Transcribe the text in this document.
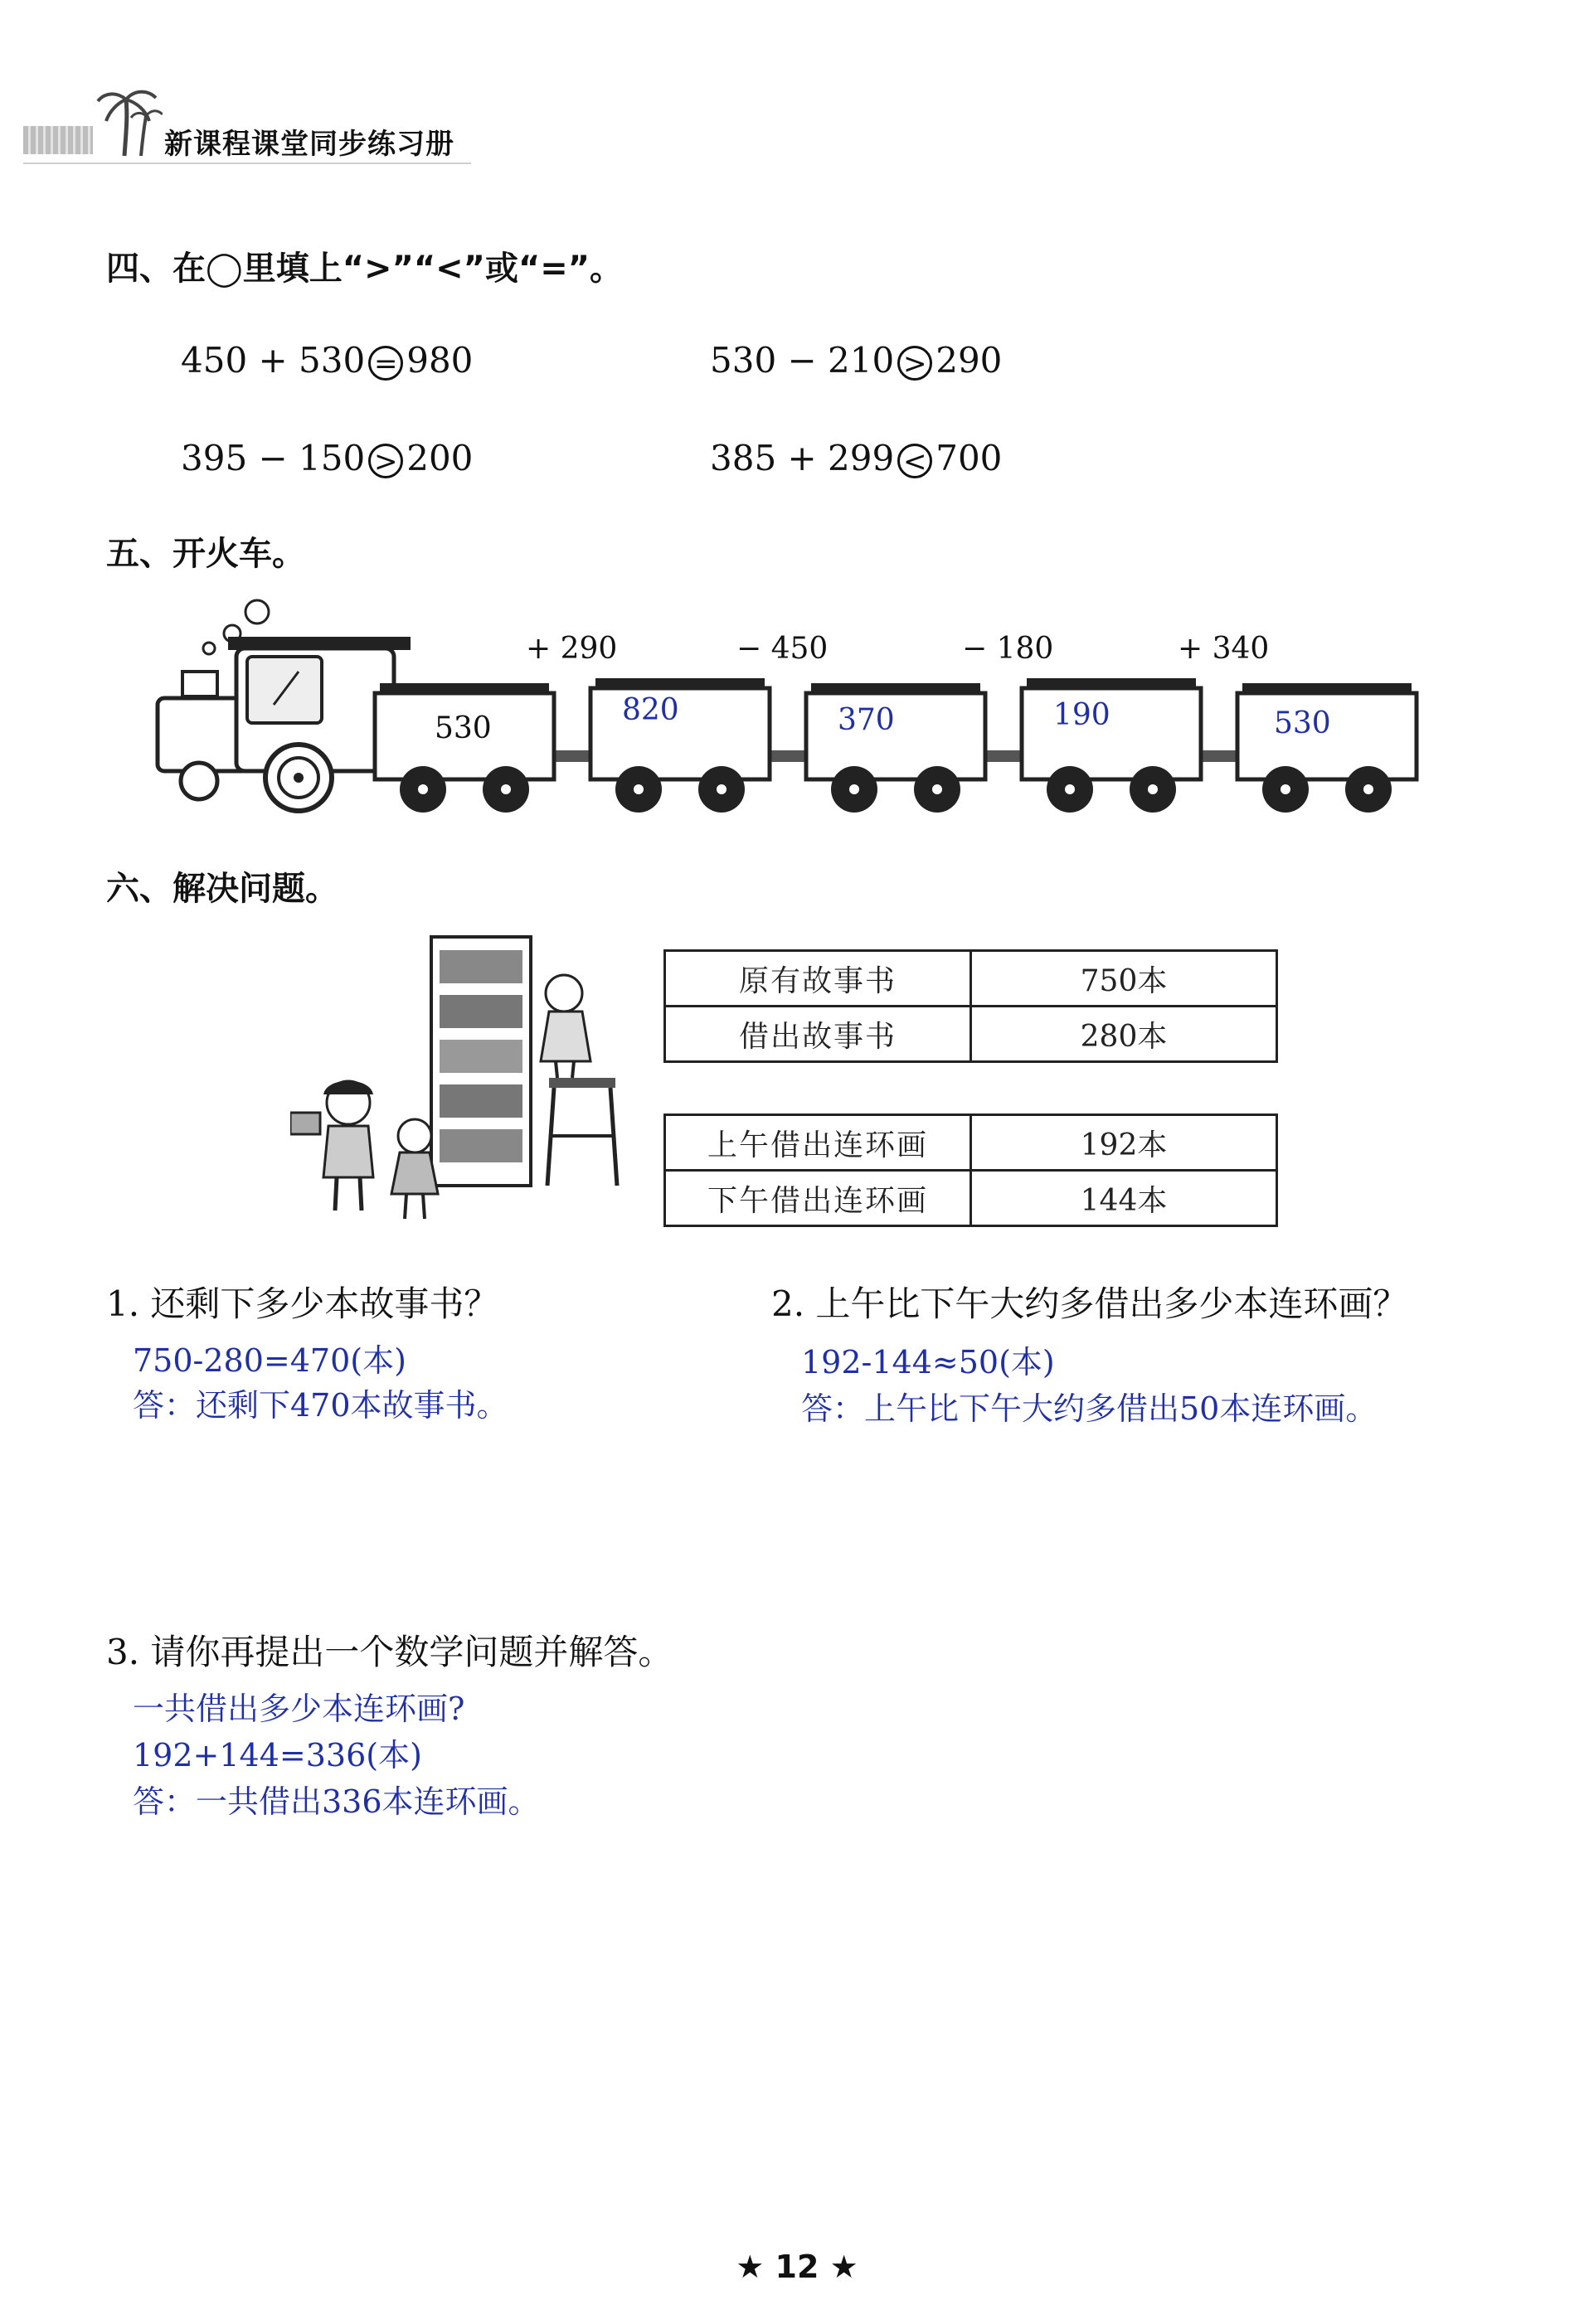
新课程课堂同步练习册
四、在◯里填上“>”“<”或“=”。
450 + 530 = 980	530 − 210 > 290
395 − 150 > 200	385 + 299 < 700
五、开火车。
+ 290	− 450	− 180	+ 340
530
820	370	190	530
六、解决问题。
原有故事书	750本
借出故事书	280本
上午借出连环画	192本
下午借出连环画	144本
1. 还剩下多少本故事书？
750-280=470(本)
答：还剩下470本故事书。
2. 上午比下午大约多借出多少本连环画？
192-144≈50(本)
答：上午比下午大约多借出50本连环画。
3. 请你再提出一个数学问题并解答。
一共借出多少本连环画?
192+144=336(本)
答：一共借出336本连环画。
★ 12 ★
